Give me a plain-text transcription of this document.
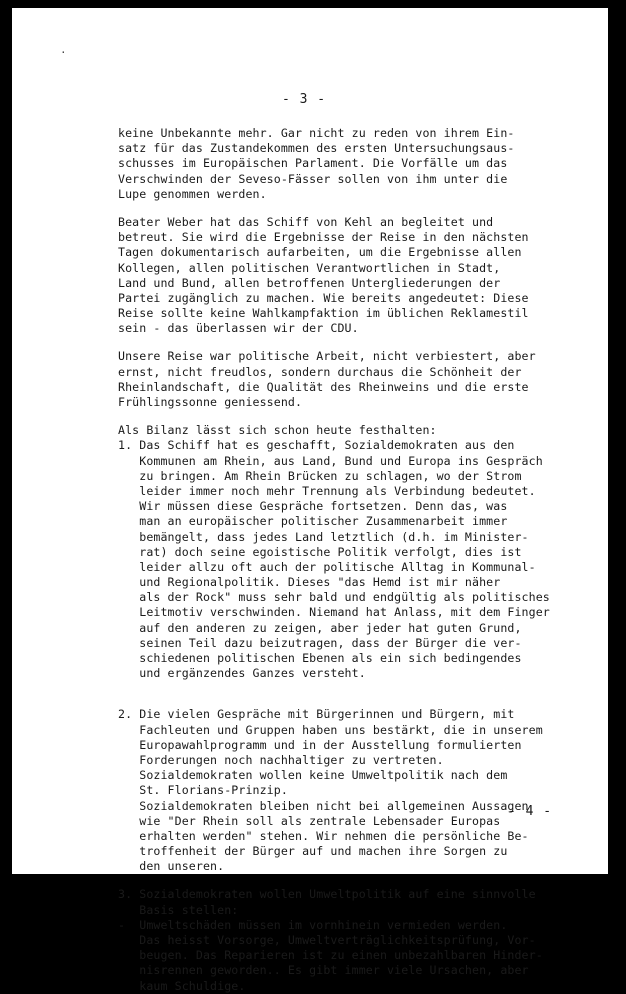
·
- 3 -
keine Unbekannte mehr. Gar nicht zu reden von ihrem Ein-
satz für das Zustandekommen des ersten Untersuchungsaus-
schusses im Europäischen Parlament. Die Vorfälle um das
Verschwinden der Seveso-Fässer sollen von ihm unter die
Lupe genommen werden.
Beater Weber hat das Schiff von Kehl an begleitet und
betreut. Sie wird die Ergebnisse der Reise in den nächsten
Tagen dokumentarisch aufarbeiten, um die Ergebnisse allen
Kollegen, allen politischen Verantwortlichen in Stadt,
Land und Bund, allen betroffenen Untergliederungen der
Partei zugänglich zu machen. Wie bereits angedeutet: Diese
Reise sollte keine Wahlkampfaktion im üblichen Reklamestil
sein - das überlassen wir der CDU.
Unsere Reise war politische Arbeit, nicht verbiestert, aber
ernst, nicht freudlos, sondern durchaus die Schönheit der
Rheinlandschaft, die Qualität des Rheinweins und die erste
Frühlingssonne geniessend.
Als Bilanz lässt sich schon heute festhalten:
1. Das Schiff hat es geschafft, Sozialdemokraten aus den
Kommunen am Rhein, aus Land, Bund und Europa ins Gespräch
zu bringen. Am Rhein Brücken zu schlagen, wo der Strom
leider immer noch mehr Trennung als Verbindung bedeutet.
Wir müssen diese Gespräche fortsetzen. Denn das, was
man an europäischer politischer Zusammenarbeit immer
bemängelt, dass jedes Land letztlich (d.h. im Minister-
rat) doch seine egoistische Politik verfolgt, dies ist
leider allzu oft auch der politische Alltag in Kommunal-
und Regionalpolitik. Dieses "das Hemd ist mir näher
als der Rock" muss sehr bald und endgültig als politisches
Leitmotiv verschwinden. Niemand hat Anlass, mit dem Finger
auf den anderen zu zeigen, aber jeder hat guten Grund,
seinen Teil dazu beizutragen, dass der Bürger die ver-
schiedenen politischen Ebenen als ein sich bedingendes
und ergänzendes Ganzes versteht.
2. Die vielen Gespräche mit Bürgerinnen und Bürgern, mit
Fachleuten und Gruppen haben uns bestärkt, die in unserem
Europawahlprogramm und in der Ausstellung formulierten
Forderungen noch nachhaltiger zu vertreten.
Sozialdemokraten wollen keine Umweltpolitik nach dem
St. Florians-Prinzip.
Sozialdemokraten bleiben nicht bei allgemeinen Aussagen
wie "Der Rhein soll als zentrale Lebensader Europas
erhalten werden" stehen. Wir nehmen die persönliche Be-
troffenheit der Bürger auf und machen ihre Sorgen zu
den unseren.
3. Sozialdemokraten wollen Umweltpolitik auf eine sinnvolle
Basis stellen:
-  Umweltschäden müssen im vornhinein vermieden werden.
Das heisst Vorsorge, Umweltverträglichkeitsprüfung, Vor-
beugen. Das Reparieren ist zu einen unbezahlbaren Hinder-
nisrennen geworden.. Es gibt immer viele Ursachen, aber
kaum Schuldige.
- 4 -
